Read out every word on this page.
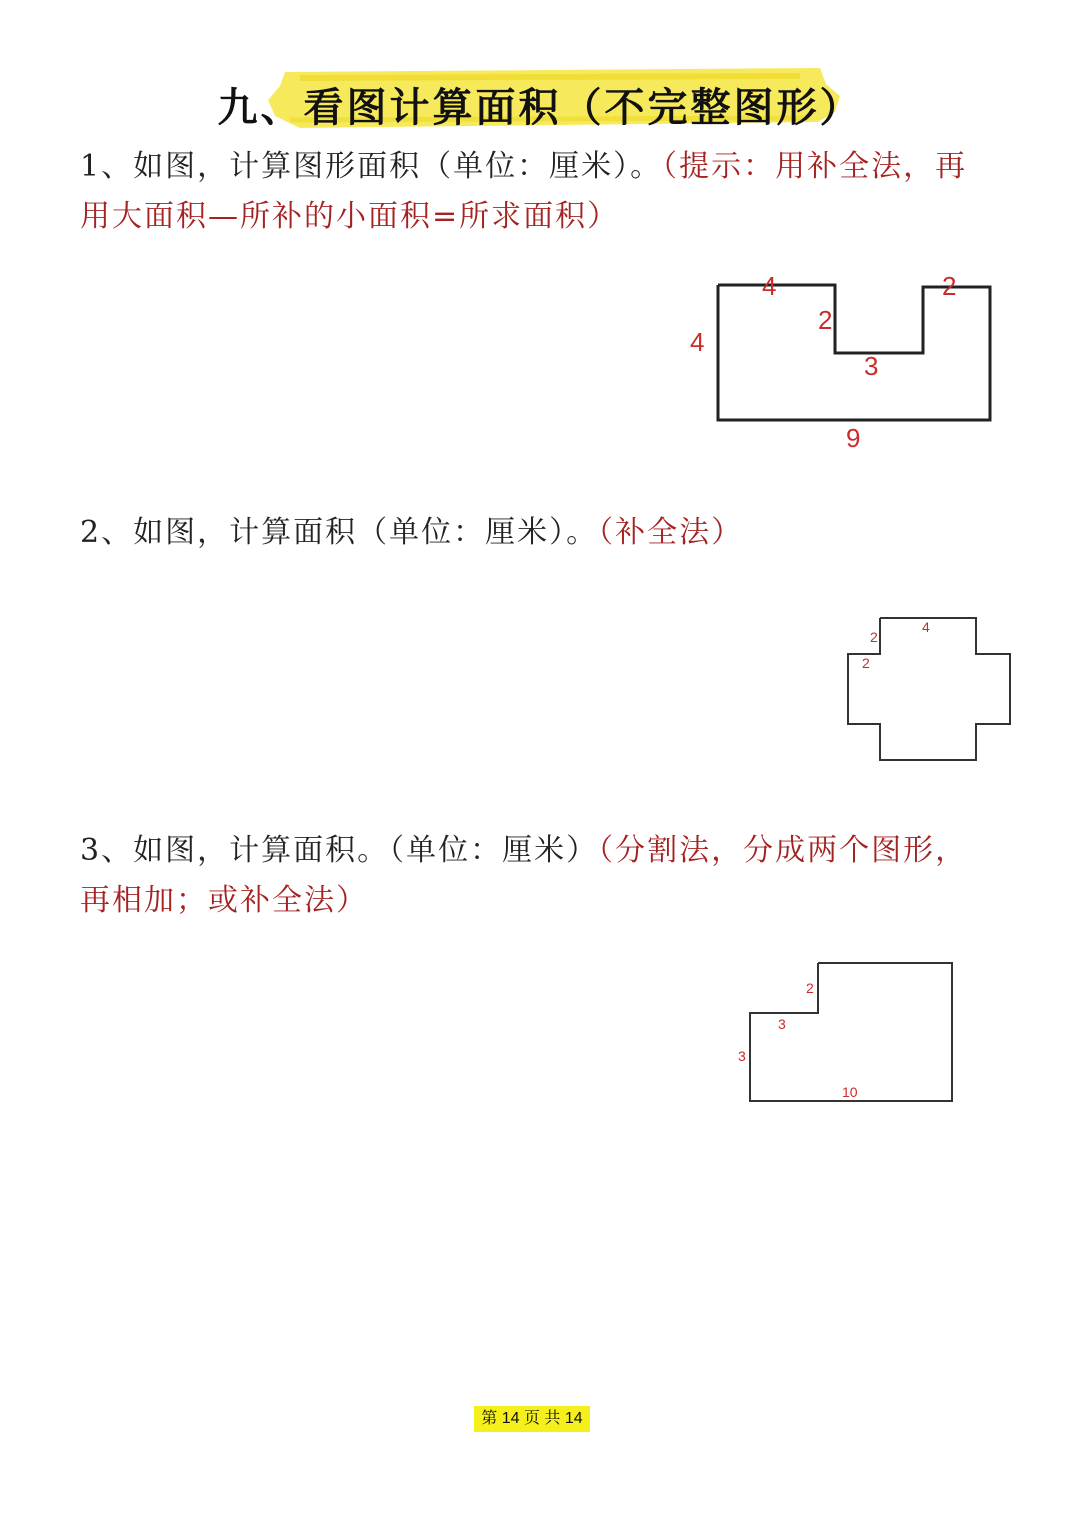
九、看图计算面积（不完整图形）
1、如图，计算图形面积（单位：厘米）。（提示：用补全法，再用大面积—所补的小面积=所求面积）
4
2
2
4
3
9
2、如图，计算面积（单位：厘米）。（补全法）
4
2
2
3、如图，计算面积。（单位：厘米）（分割法，分成两个图形，再相加；或补全法）
2
3
3
10
第 14 页 共 14
